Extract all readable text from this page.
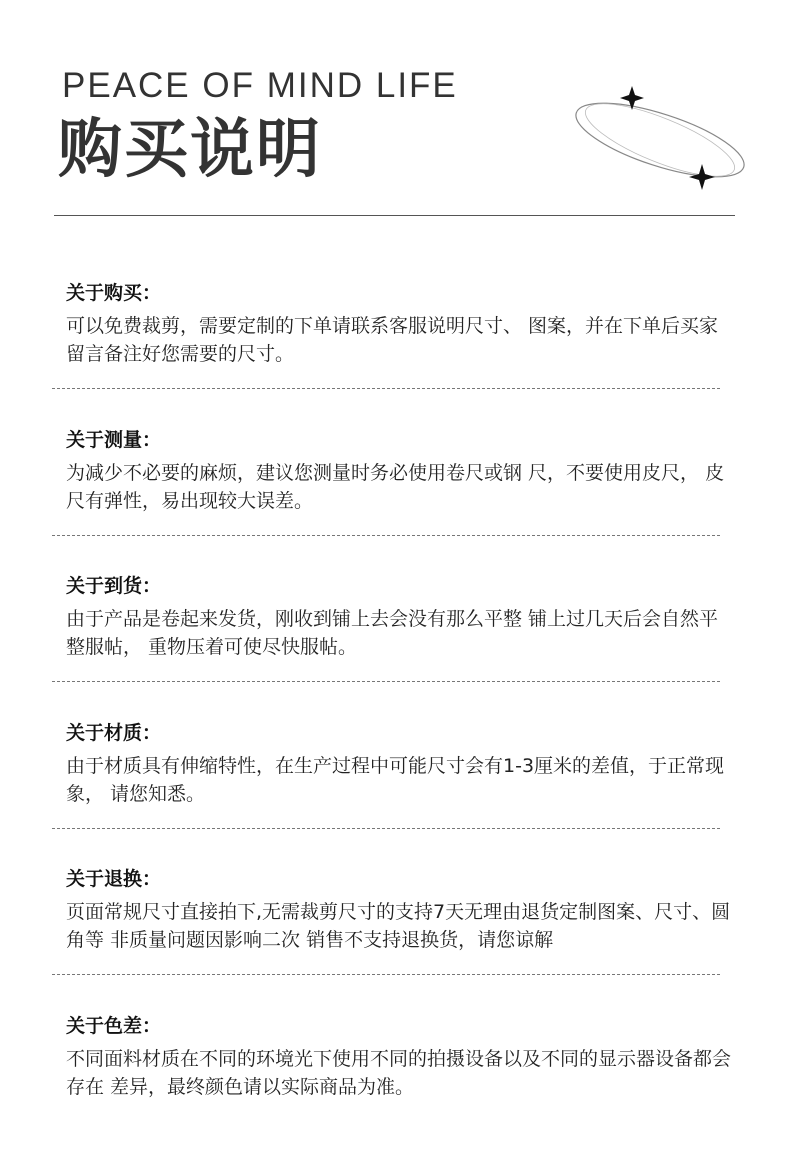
PEACE OF MIND LIFE
购买说明
关于购买：
可以免费裁剪，需要定制的下单请联系客服说明尺寸、 图案，并在下单后买家 留言备注好您需要的尺寸。
关于测量：
为减少不必要的麻烦，建议您测量时务必使用卷尺或钢 尺，不要使用皮尺， 皮尺有弹性，易出现较大误差。
关于到货：
由于产品是卷起来发货，刚收到铺上去会没有那么平整 铺上过几天后会自然平整服帖， 重物压着可使尽快服帖。
关于材质：
由于材质具有伸缩特性，在生产过程中可能尺寸会有1-3厘米的差值，于正常现象， 请您知悉。
关于退换：
页面常规尺寸直接拍下,无需裁剪尺寸的支持7天无理由退货定制图案、尺寸、圆角等 非质量问题因影响二次 销售不支持退换货，请您谅解
关于色差：
不同面料材质在不同的环境光下使用不同的拍摄设备以及不同的显示器设备都会存在 差异，最终颜色请以实际商品为准。
